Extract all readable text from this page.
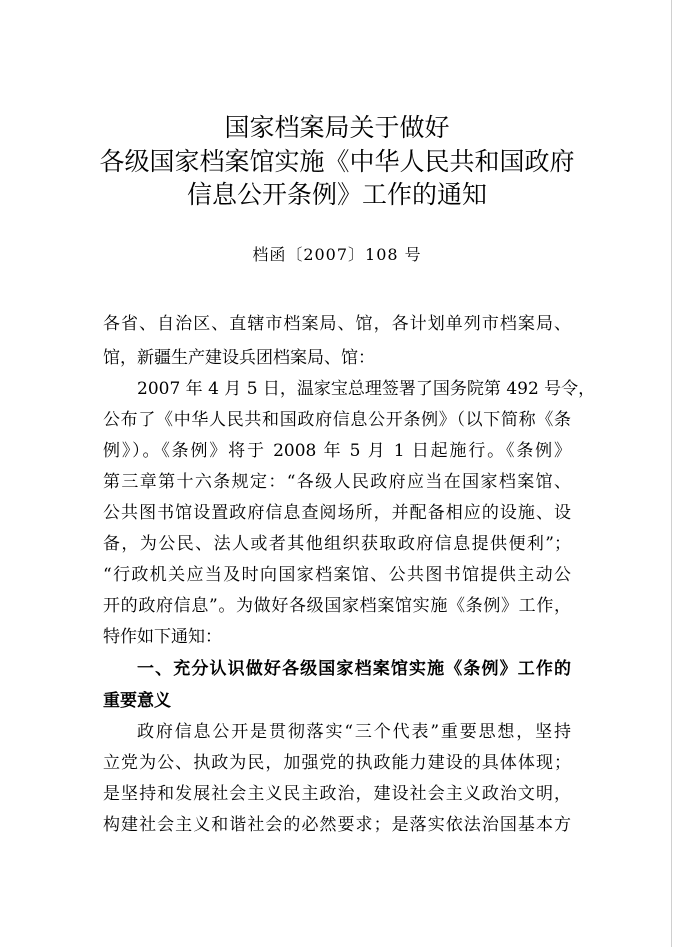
国家档案局关于做好
各级国家档案馆实施《中华人民共和国政府
信息公开条例》工作的通知
档函〔2007〕108 号
各省、自治区、直辖市档案局、馆，各计划单列市档案局、
馆，新疆生产建设兵团档案局、馆：
2007 年 4 月 5 日，温家宝总理签署了国务院第 492 号令，
公布了《中华人民共和国政府信息公开条例》（以下简称《条
例》）。《条例》将于 2008 年 5 月 1 日起施行。《条例》
第三章第十六条规定：“各级人民政府应当在国家档案馆、
公共图书馆设置政府信息查阅场所，并配备相应的设施、设
备，为公民、法人或者其他组织获取政府信息提供便利”；
“行政机关应当及时向国家档案馆、公共图书馆提供主动公
开的政府信息”。为做好各级国家档案馆实施《条例》工作，
特作如下通知：
一、充分认识做好各级国家档案馆实施《条例》工作的
重要意义
政府信息公开是贯彻落实“三个代表”重要思想，坚持
立党为公、执政为民，加强党的执政能力建设的具体体现；
是坚持和发展社会主义民主政治，建设社会主义政治文明，
构建社会主义和谐社会的必然要求；是落实依法治国基本方
